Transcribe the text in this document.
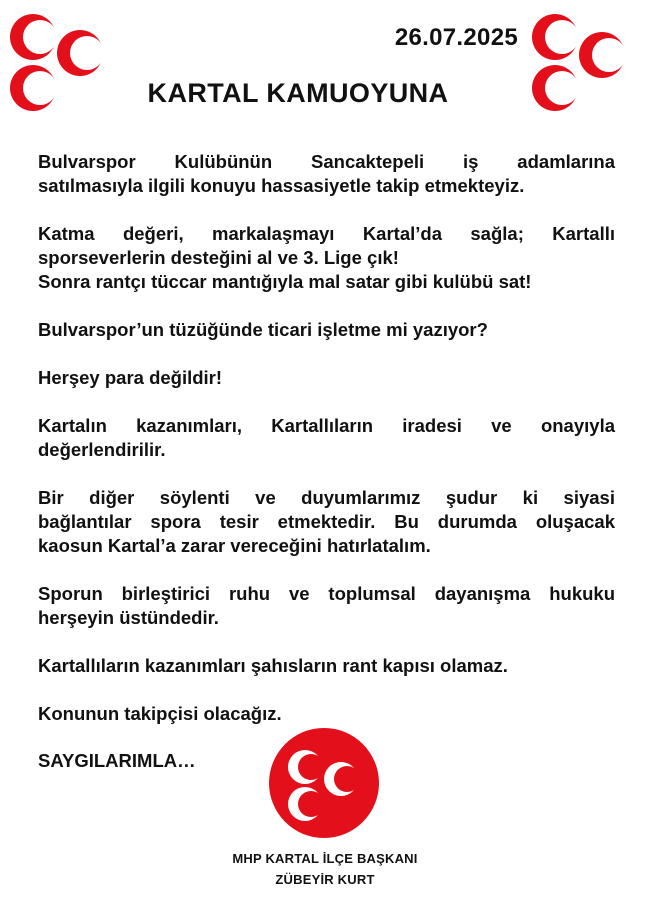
26.07.2025
KARTAL KAMUOYUNA

Bulvarspor Kulübünün Sancaktepeli iş adamlarına
satılmasıyla ilgili konuyu hassasiyetle takip etmekteyiz.

Katma değeri, markalaşmayı Kartal’da sağla; Kartallı
sporseverlerin desteğini al ve 3. Lige çık!
Sonra rantçı tüccar mantığıyla mal satar gibi kulübü sat!

Bulvarspor’un tüzüğünde ticari işletme mi yazıyor?

Herşey para değildir!

Kartalın kazanımları, Kartallıların iradesi ve onayıyla
değerlendirilir.

Bir diğer söylenti ve duyumlarımız şudur ki siyasi
bağlantılar spora tesir etmektedir. Bu durumda oluşacak
kaosun Kartal’a zarar vereceğini hatırlatalım.

Sporun birleştirici ruhu ve toplumsal dayanışma hukuku
herşeyin üstündedir.

Kartallıların kazanımları şahısların rant kapısı olamaz.

Konunun takipçisi olacağız.

SAYGILARIMLA…

MHP KARTAL İLÇE BAŞKANI
ZÜBEYİR KURT
